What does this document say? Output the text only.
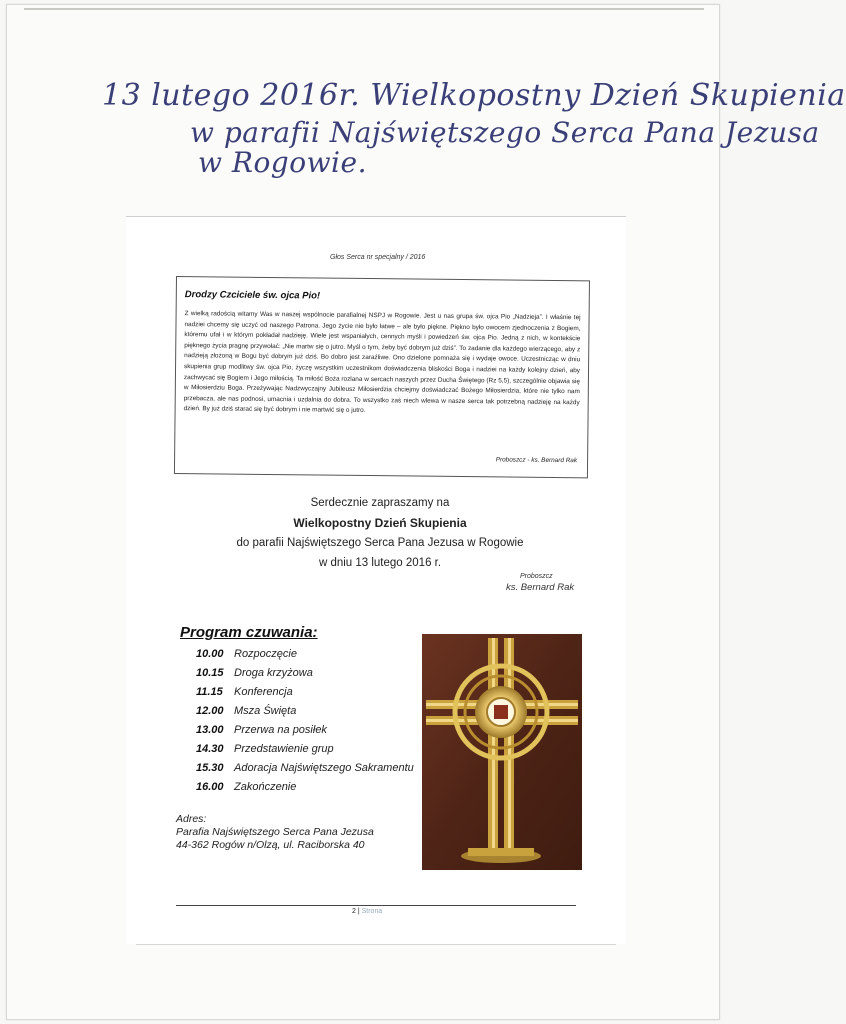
13 lutego 2016r. Wielkopostny Dzień Skupienia
w parafii Najświętszego Serca Pana Jezusa
w Rogowie.
Głos Serca nr specjalny / 2016
Drodzy Czciciele św. ojca Pio!
Z wielką radością witamy Was w naszej wspólnocie parafialnej NSPJ w Rogowie. Jest u nas grupa św. ojca Pio „Nadzieja”. I właśnie tej nadziei chcemy się uczyć od naszego Patrona. Jego życie nie było łatwe – ale było piękne. Piękno było owocem zjednoczenia z Bogiem, któremu ufał i w którym pokładał nadzieję. Wiele jest wspaniałych, cennych myśli i powiedzeń św. ojca Pio. Jedną z nich, w kontekście pięknego życia pragnę przywołać: „Nie martw się o jutro. Myśl o tym, żeby być dobrym już dziś”. To zadanie dla każdego wierzącego, aby z nadzieją złożoną w Bogu być dobrym już dziś. Bo dobro jest zaraźliwe. Ono dzielone pomnaża się i wydaje owoce. Uczestnicząc w dniu skupienia grup modlitwy św. ojca Pio, życzę wszystkim uczestnikom doświadczenia bliskości Boga i nadziei na każdy kolejny dzień, aby zachwycać się Bogiem i Jego miłością. Ta miłość Boża rozlana w sercach naszych przez Ducha Świętego (Rz 5,5), szczególnie objawia się w Miłosierdziu Boga. Przeżywając Nadzwyczajny Jubileusz Miłosierdzia chciejmy doświadczać Bożego Miłosierdzia, które nie tylko nam przebacza, ale nas podnosi, umacnia i uzdalnia do dobra. To wszystko zaś niech wlewa w nasze serca tak potrzebną nadzieję na każdy dzień. By już dziś starać się być dobrym i nie martwić się o jutro.
Proboszcz - ks. Bernard Rak
Serdecznie zapraszamy na
Wielkopostny Dzień Skupienia
do parafii Najświętszego Serca Pana Jezusa w Rogowie
w dniu 13 lutego 2016 r.
Proboszcz
ks. Bernard Rak
Program czuwania:
10.00 Rozpoczęcie
10.15 Droga krzyżowa
11.15	Konferencja
12.00 Msza Święta
13.00 Przerwa na posiłek
14.30 Przedstawienie grup
15.30 Adoracja Najświętszego Sakramentu
16.00 Zakończenie
Adres:
Parafia Najświętszego Serca Pana Jezusa
44-362 Rogów n/Olzą, ul. Raciborska 40
2 | Strona
